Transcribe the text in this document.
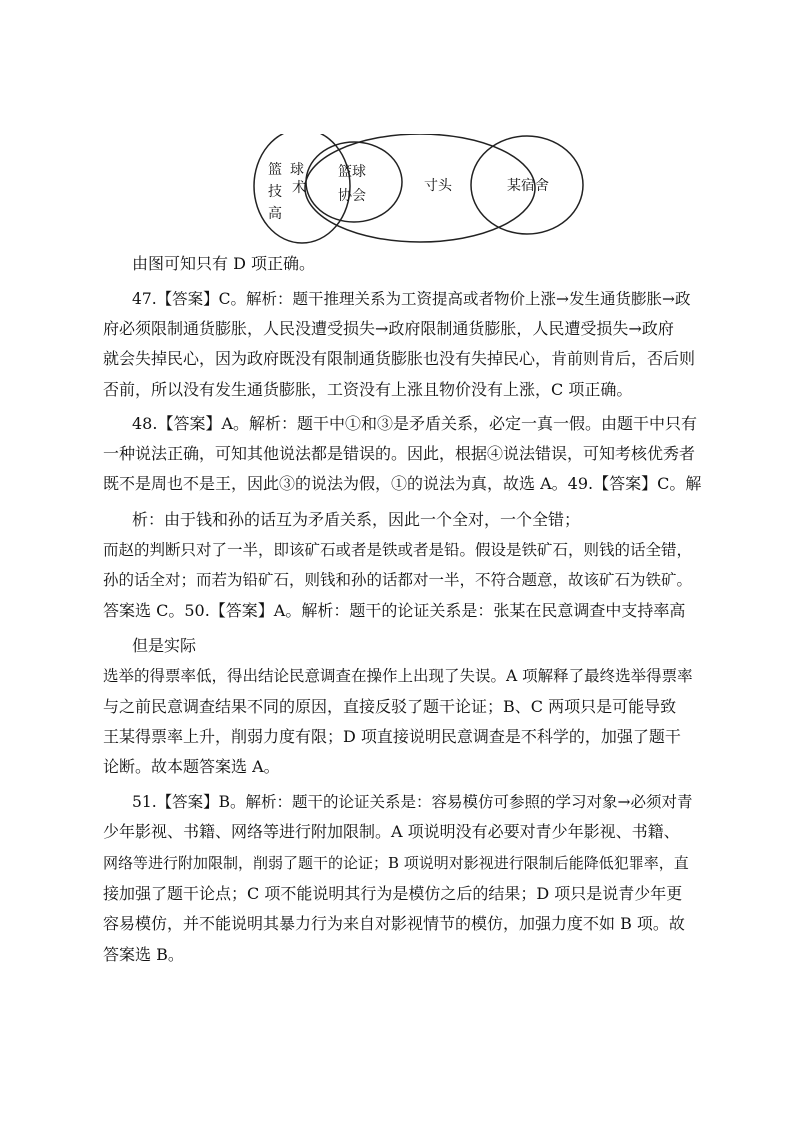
篮 球
技 术
高
篮球
协会
寸头	某宿舍
由图可知只有 D 项正确。
47.【答案】C。解析：题干推理关系为工资提高或者物价上涨→发生通货膨胀→政
府必须限制通货膨胀，人民没遭受损失→政府限制通货膨胀，人民遭受损失→政府
就会失掉民心，因为政府既没有限制通货膨胀也没有失掉民心，肯前则肯后，否后则
否前，所以没有发生通货膨胀，工资没有上涨且物价没有上涨，C 项正确。
48.【答案】A。解析：题干中①和③是矛盾关系，必定一真一假。由题干中只有
一种说法正确，可知其他说法都是错误的。因此，根据④说法错误，可知考核优秀者
既不是周也不是王，因此③的说法为假，①的说法为真，故选 A。49.【答案】C。解
析：由于钱和孙的话互为矛盾关系，因此一个全对，一个全错；
而赵的判断只对了一半，即该矿石或者是铁或者是铅。假设是铁矿石，则钱的话全错，
孙的话全对；而若为铅矿石，则钱和孙的话都对一半，不符合题意，故该矿石为铁矿。
答案选 C。50.【答案】A。解析：题干的论证关系是：张某在民意调查中支持率高
但是实际
选举的得票率低，得出结论民意调查在操作上出现了失误。A 项解释了最终选举得票率
与之前民意调查结果不同的原因，直接反驳了题干论证；B、C 两项只是可能导致
王某得票率上升，削弱力度有限；D 项直接说明民意调查是不科学的，加强了题干
论断。故本题答案选 A。
51.【答案】B。解析：题干的论证关系是：容易模仿可参照的学习对象→必须对青
少年影视、书籍、网络等进行附加限制。A 项说明没有必要对青少年影视、书籍、
网络等进行附加限制，削弱了题干的论证；B 项说明对影视进行限制后能降低犯罪率，直
接加强了题干论点；C 项不能说明其行为是模仿之后的结果；D 项只是说青少年更
容易模仿，并不能说明其暴力行为来自对影视情节的模仿，加强力度不如 B 项。故
答案选 B。
